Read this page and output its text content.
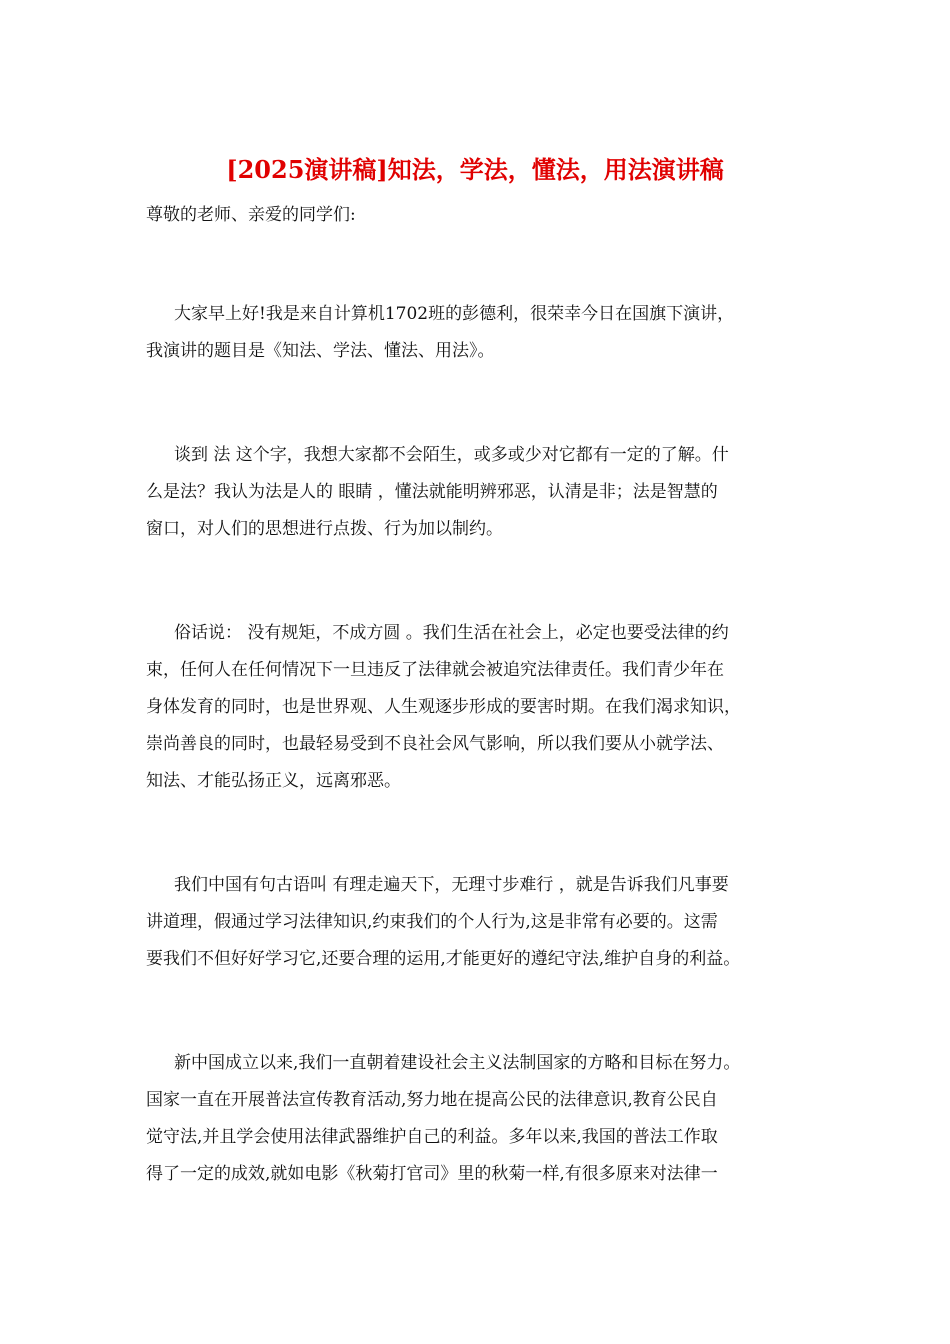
[2025演讲稿]知法，学法，懂法，用法演讲稿
尊敬的老师、亲爱的同学们:
大家早上好!我是来自计算机1702班的彭德利，很荣幸今日在国旗下演讲，
我演讲的题目是《知法、学法、懂法、用法》。
谈到 法 这个字，我想大家都不会陌生，或多或少对它都有一定的了解。什
么是法？我认为法是人的 眼睛 ，懂法就能明辨邪恶，认清是非；法是智慧的
窗口，对人们的思想进行点拨、行为加以制约。
俗话说： 没有规矩，不成方圆 。我们生活在社会上，必定也要受法律的约
束，任何人在任何情况下一旦违反了法律就会被追究法律责任。我们青少年在
身体发育的同时，也是世界观、人生观逐步形成的要害时期。在我们渴求知识，
崇尚善良的同时，也最轻易受到不良社会风气影响，所以我们要从小就学法、
知法、才能弘扬正义，远离邪恶。
我们中国有句古语叫 有理走遍天下，无理寸步难行 ，就是告诉我们凡事要
讲道理，假通过学习法律知识,约束我们的个人行为,这是非常有必要的。这需
要我们不但好好学习它,还要合理的运用,才能更好的遵纪守法,维护自身的利益。
新中国成立以来,我们一直朝着建设社会主义法制国家的方略和目标在努力。
国家一直在开展普法宣传教育活动,努力地在提高公民的法律意识,教育公民自
觉守法,并且学会使用法律武器维护自己的利益。多年以来,我国的普法工作取
得了一定的成效,就如电影《秋菊打官司》里的秋菊一样,有很多原来对法律一
